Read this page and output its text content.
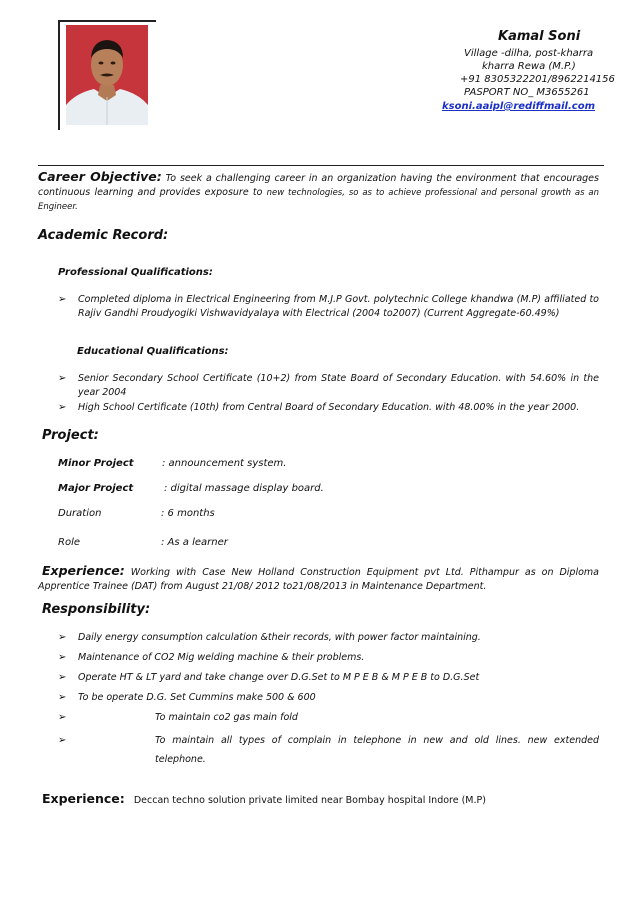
Kamal Soni
Village -dilha, post-kharra
kharra Rewa (M.P.)
+91 8305322201/8962214156
PASPORT NO_ M3655261
ksoni.aaipl@rediffmail.com
Career Objective: To seek a challenging career in an organization having the environment that encourages continuous learning and provides exposure to new technologies, so as to achieve professional and personal growth as an Engineer.
Academic Record:
Professional Qualifications:
➢ Completed diploma in Electrical Engineering from M.J.P Govt. polytechnic College khandwa (M.P) affiliated to Rajiv Gandhi Proudyogiki Vishwavidyalaya with Electrical (2004 to2007) (Current Aggregate-60.49%)
Educational Qualifications:
➢ Senior Secondary School Certificate (10+2) from State Board of Secondary Education. with 54.60% in the year 2004
➢ High School Certificate (10th) from Central Board of Secondary Education. with 48.00% in the year 2000.
Project:
Minor Project	: announcement system.
Major Project	: digital massage display board.
Duration	: 6 months
Role	: As a learner
Experience: Working with Case New Holland Construction Equipment pvt Ltd. Pithampur as on Diploma Apprentice Trainee (DAT) from August 21/08/ 2012 to21/08/2013 in Maintenance Department.
Responsibility:
➢ Daily energy consumption calculation &their records, with power factor maintaining.
➢ Maintenance of CO2 Mig welding machine & their problems.
➢ Operate HT & LT yard and take change over D.G.Set to M P E B & M P E B to D.G.Set
➢ To be operate D.G. Set Cummins make 500 & 600
➢	To maintain co2 gas main fold
➢	To maintain all types of complain in telephone in new and old lines. new extended telephone.
Experience: Deccan techno solution private limited near Bombay hospital Indore (M.P)
